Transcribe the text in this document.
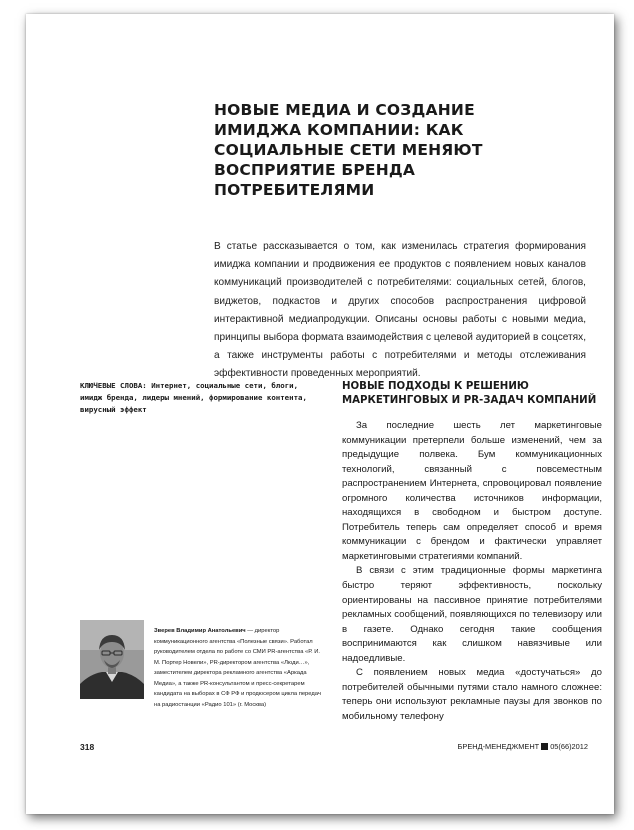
НОВЫЕ МЕДИА И СОЗДАНИЕ ИМИДЖА КОМПАНИИ: КАК СОЦИАЛЬНЫЕ СЕТИ МЕНЯЮТ ВОСПРИЯТИЕ БРЕНДА ПОТРЕБИТЕЛЯМИ

В статье рассказывается о том, как изменилась стратегия формирования имиджа компании и продвижения ее продуктов с появлением новых каналов коммуникаций производителей с потребителями: социальных сетей, блогов, виджетов, подкастов и других способов распространения цифровой интерактивной медиапродукции. Описаны основы работы с новыми медиа, принципы выбора формата взаимодействия с целевой аудиторией в соцсетях, а также инструменты работы с потребителями и методы отслеживания эффективности проведенных мероприятий.

КЛЮЧЕВЫЕ СЛОВА: Интернет, социальные сети, блоги, имидж бренда, лидеры мнений, формирование контента, вирусный эффект

НОВЫЕ ПОДХОДЫ К РЕШЕНИЮ МАРКЕТИНГОВЫХ И PR-ЗАДАЧ КОМПАНИЙ

За последние шесть лет маркетинговые коммуникации претерпели больше изменений, чем за предыдущие полвека. Бум коммуникационных технологий, связанный с повсеместным распространением Интернета, спровоцировал появление огромного количества источников информации, находящихся в свободном и быстром доступе. Потребитель теперь сам определяет способ и время коммуникации с брендом и фактически управляет маркетинговыми стратегиями компаний.

В связи с этим традиционные формы маркетинга быстро теряют эффективность, поскольку ориентированы на пассивное принятие потребителями рекламных сообщений, появляющихся по телевизору или в газете. Однако сегодня такие сообщения воспринимаются как слишком навязчивые или надоедливые.

С появлением новых медиа «достучаться» до потребителей обычными путями стало намного сложнее: теперь они используют рекламные паузы для звонков по мобильному телефону

Зверев Владимир Анатольевич — директор коммуникационного агентства «Полезные связи». Работал руководителем отдела по работе со СМИ PR-агентства «Р. И. М. Портер Новели», PR-директором агентства «Люди…», заместителем директора рекламного агентства «Аркада Медиа», а также PR-консультантом и пресс-секретарем кандидата на выборах в СФ РФ и продюсером цикла передач на радиостанции «Радио 101» (г. Москва)

318	БРЕНД-МЕНЕДЖМЕНТ 05(66)2012
